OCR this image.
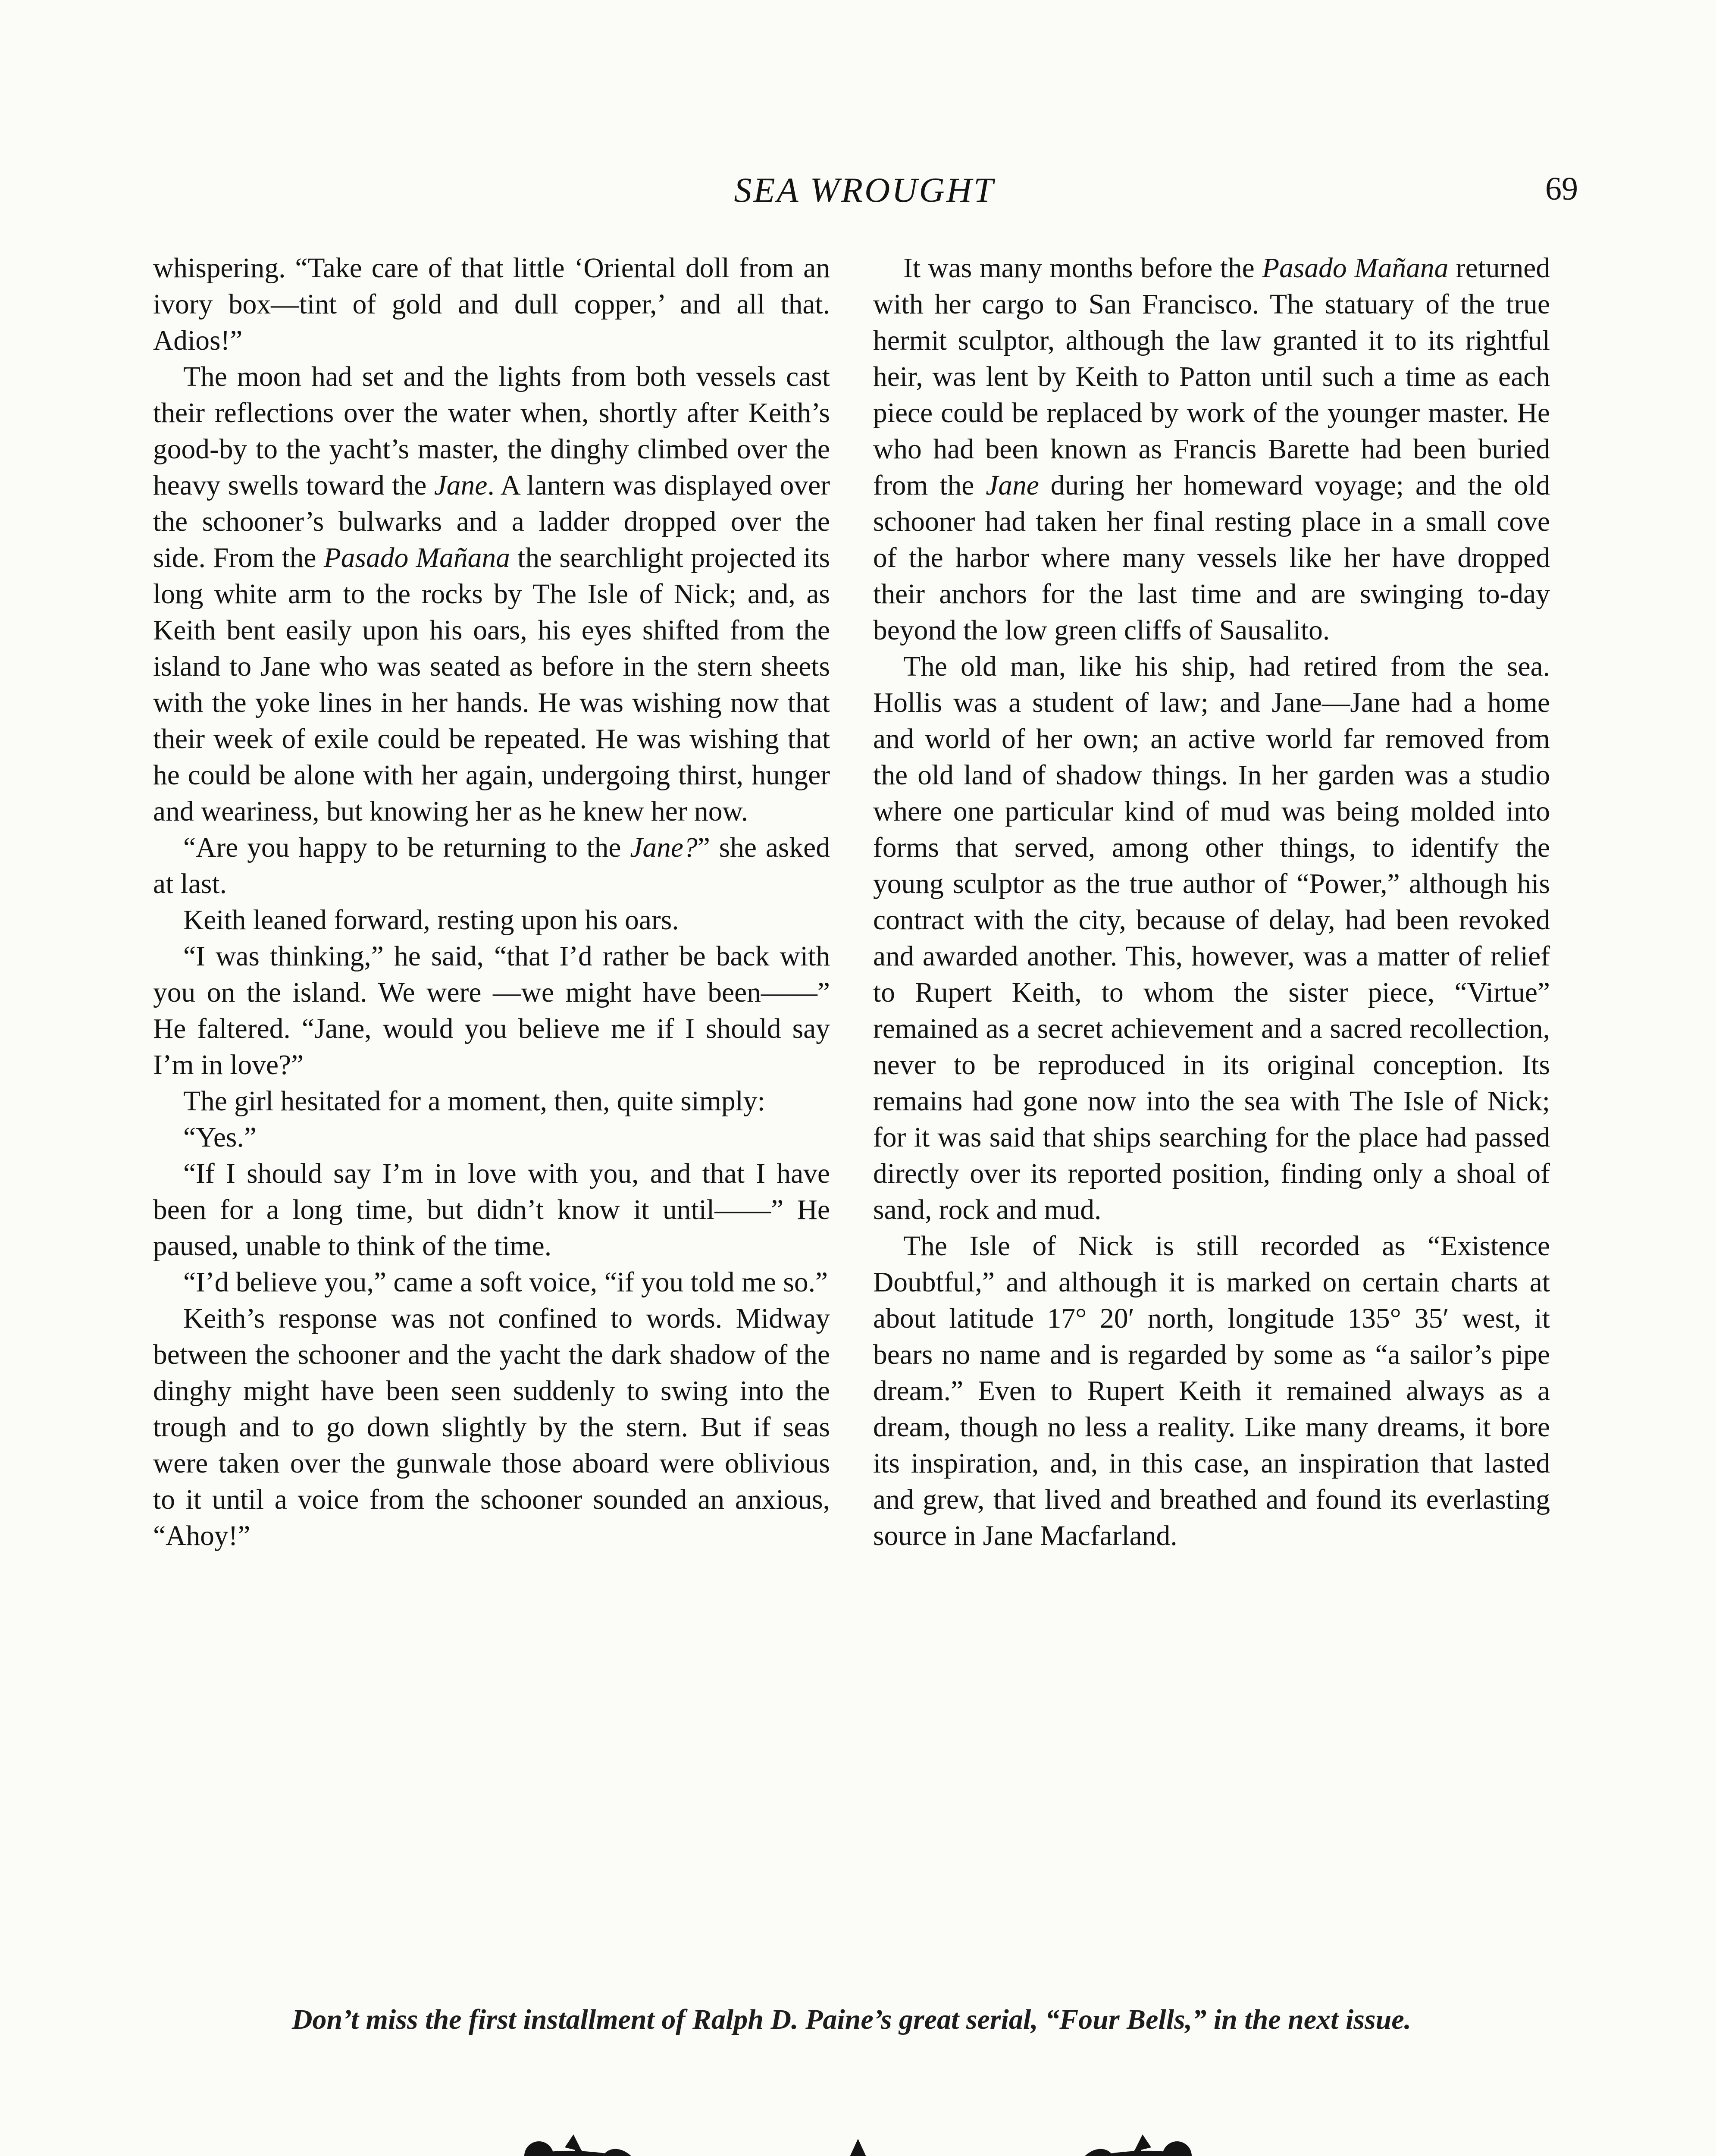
SEA WROUGHT	69

whispering. “Take care of that little ‘Oriental doll from an ivory box—tint of gold and dull copper,’ and all that. Adios!”

The moon had set and the lights from both vessels cast their reflections over the water when, shortly after Keith’s good-by to the yacht’s master, the dinghy climbed over the heavy swells toward the Jane. A lantern was displayed over the schooner’s bulwarks and a ladder dropped over the side. From the Pasado Mañana the searchlight projected its long white arm to the rocks by The Isle of Nick; and, as Keith bent easily upon his oars, his eyes shifted from the island to Jane who was seated as before in the stern sheets with the yoke lines in her hands. He was wishing now that their week of exile could be repeated. He was wishing that he could be alone with her again, undergoing thirst, hunger and weariness, but knowing her as he knew her now.

“Are you happy to be returning to the Jane?” she asked at last.

Keith leaned forward, resting upon his oars.

“I was thinking,” he said, “that I’d rather be back with you on the island. We were —we might have been——” He faltered. “Jane, would you believe me if I should say I’m in love?”

The girl hesitated for a moment, then, quite simply:

“Yes.”

“If I should say I’m in love with you, and that I have been for a long time, but didn’t know it until——” He paused, unable to think of the time.

“I’d believe you,” came a soft voice, “if you told me so.”

Keith’s response was not confined to words. Midway between the schooner and the yacht the dark shadow of the dinghy might have been seen suddenly to swing into the trough and to go down slightly by the stern. But if seas were taken over the gunwale those aboard were oblivious to it until a voice from the schooner sounded an anxious, “Ahoy!”

It was many months before the Pasado Mañana returned with her cargo to San Francisco. The statuary of the true hermit sculptor, although the law granted it to its rightful heir, was lent by Keith to Patton until such a time as each piece could be replaced by work of the younger master. He who had been known as Francis Barette had been buried from the Jane during her homeward voyage; and the old schooner had taken her final resting place in a small cove of the harbor where many vessels like her have dropped their anchors for the last time and are swinging to-day beyond the low green cliffs of Sausalito.

The old man, like his ship, had retired from the sea. Hollis was a student of law; and Jane—Jane had a home and world of her own; an active world far removed from the old land of shadow things. In her garden was a studio where one particular kind of mud was being molded into forms that served, among other things, to identify the young sculptor as the true author of “Power,” although his contract with the city, because of delay, had been revoked and awarded another. This, however, was a matter of relief to Rupert Keith, to whom the sister piece, “Virtue” remained as a secret achievement and a sacred recollection, never to be reproduced in its original conception. Its remains had gone now into the sea with The Isle of Nick; for it was said that ships searching for the place had passed directly over its reported position, finding only a shoal of sand, rock and mud.

The Isle of Nick is still recorded as “Existence Doubtful,” and although it is marked on certain charts at about latitude 17° 20′ north, longitude 135° 35′ west, it bears no name and is regarded by some as “a sailor’s pipe dream.” Even to Rupert Keith it remained always as a dream, though no less a reality. Like many dreams, it bore its inspiration, and, in this case, an inspiration that lasted and grew, that lived and breathed and found its everlasting source in Jane Macfarland.

Don’t miss the first installment of Ralph D. Paine’s great serial, “Four Bells,” in the next issue.
